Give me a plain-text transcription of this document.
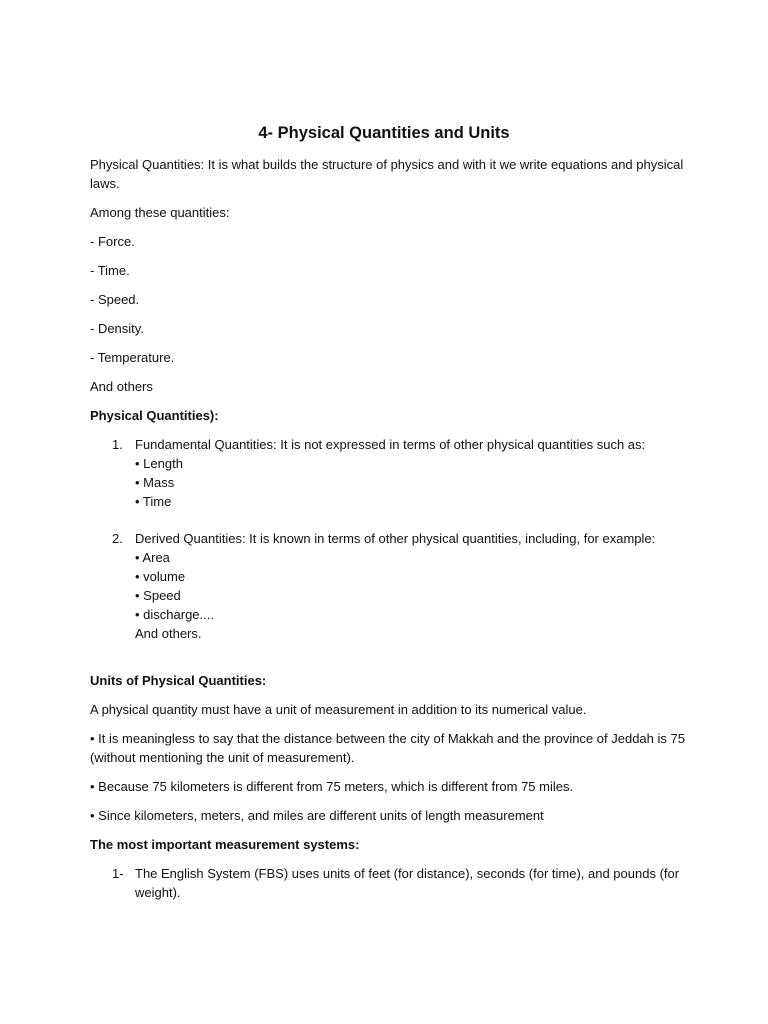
4- Physical Quantities and Units
Physical Quantities: It is what builds the structure of physics and with it we write equations and physical
laws.
Among these quantities:
- Force.
- Time.
- Speed.
- Density.
- Temperature.
And others
Physical Quantities):
1. Fundamental Quantities: It is not expressed in terms of other physical quantities such as:
• Length
• Mass
• Time
2. Derived Quantities: It is known in terms of other physical quantities, including, for example:
• Area
• volume
• Speed
• discharge....
And others.
Units of Physical Quantities:
A physical quantity must have a unit of measurement in addition to its numerical value.
• It is meaningless to say that the distance between the city of Makkah and the province of Jeddah is 75
(without mentioning the unit of measurement).
• Because 75 kilometers is different from 75 meters, which is different from 75 miles.
• Since kilometers, meters, and miles are different units of length measurement
The most important measurement systems:
1- The English System (FBS) uses units of feet (for distance), seconds (for time), and pounds (for
weight).
